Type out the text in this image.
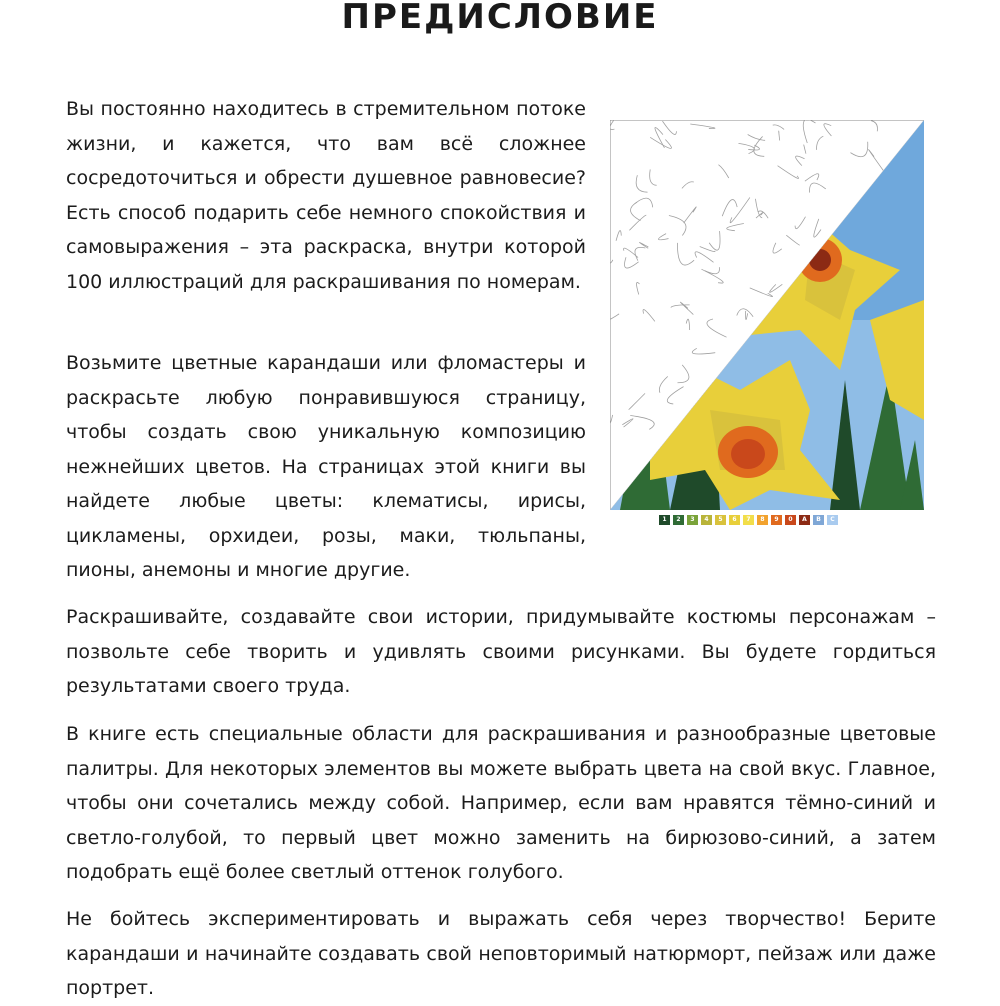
ПРЕДИСЛОВИЕ

Вы постоянно находитесь в стремительном потоке жизни, и кажется, что вам всё сложнее сосредоточиться и обрести душевное равновесие? Есть способ подарить себе немного спокойствия и самовыражения – эта раскраска, внутри которой 100 иллюстраций для раскрашивания по номерам.

Возьмите цветные карандаши или фломастеры и раскрасьте любую понравившуюся страницу, чтобы создать свою уникальную композицию нежнейших цветов. На страницах этой книги вы найдете любые цветы: клематисы, ирисы, цикламены, орхидеи, розы, маки, тюльпаны, пионы, анемоны и многие другие.

Раскрашивайте, создавайте свои истории, придумывайте костюмы персонажам – позвольте себе творить и удивлять своими рисунками. Вы будете гордиться результатами своего труда.

В книге есть специальные области для раскрашивания и разнообразные цветовые палитры. Для некоторых элементов вы можете выбрать цвета на свой вкус. Главное, чтобы они сочетались между собой. Например, если вам нравятся тёмно-синий и светло-голубой, то первый цвет можно заменить на бирюзово-синий, а затем подобрать ещё более светлый оттенок голубого.

Не бойтесь экспериментировать и выражать себя через творчество! Берите карандаши и начинайте создавать свой неповторимый натюрморт, пейзаж или даже портрет.

1	2	3	4	5	6	7	8	9	0	A	B	C
